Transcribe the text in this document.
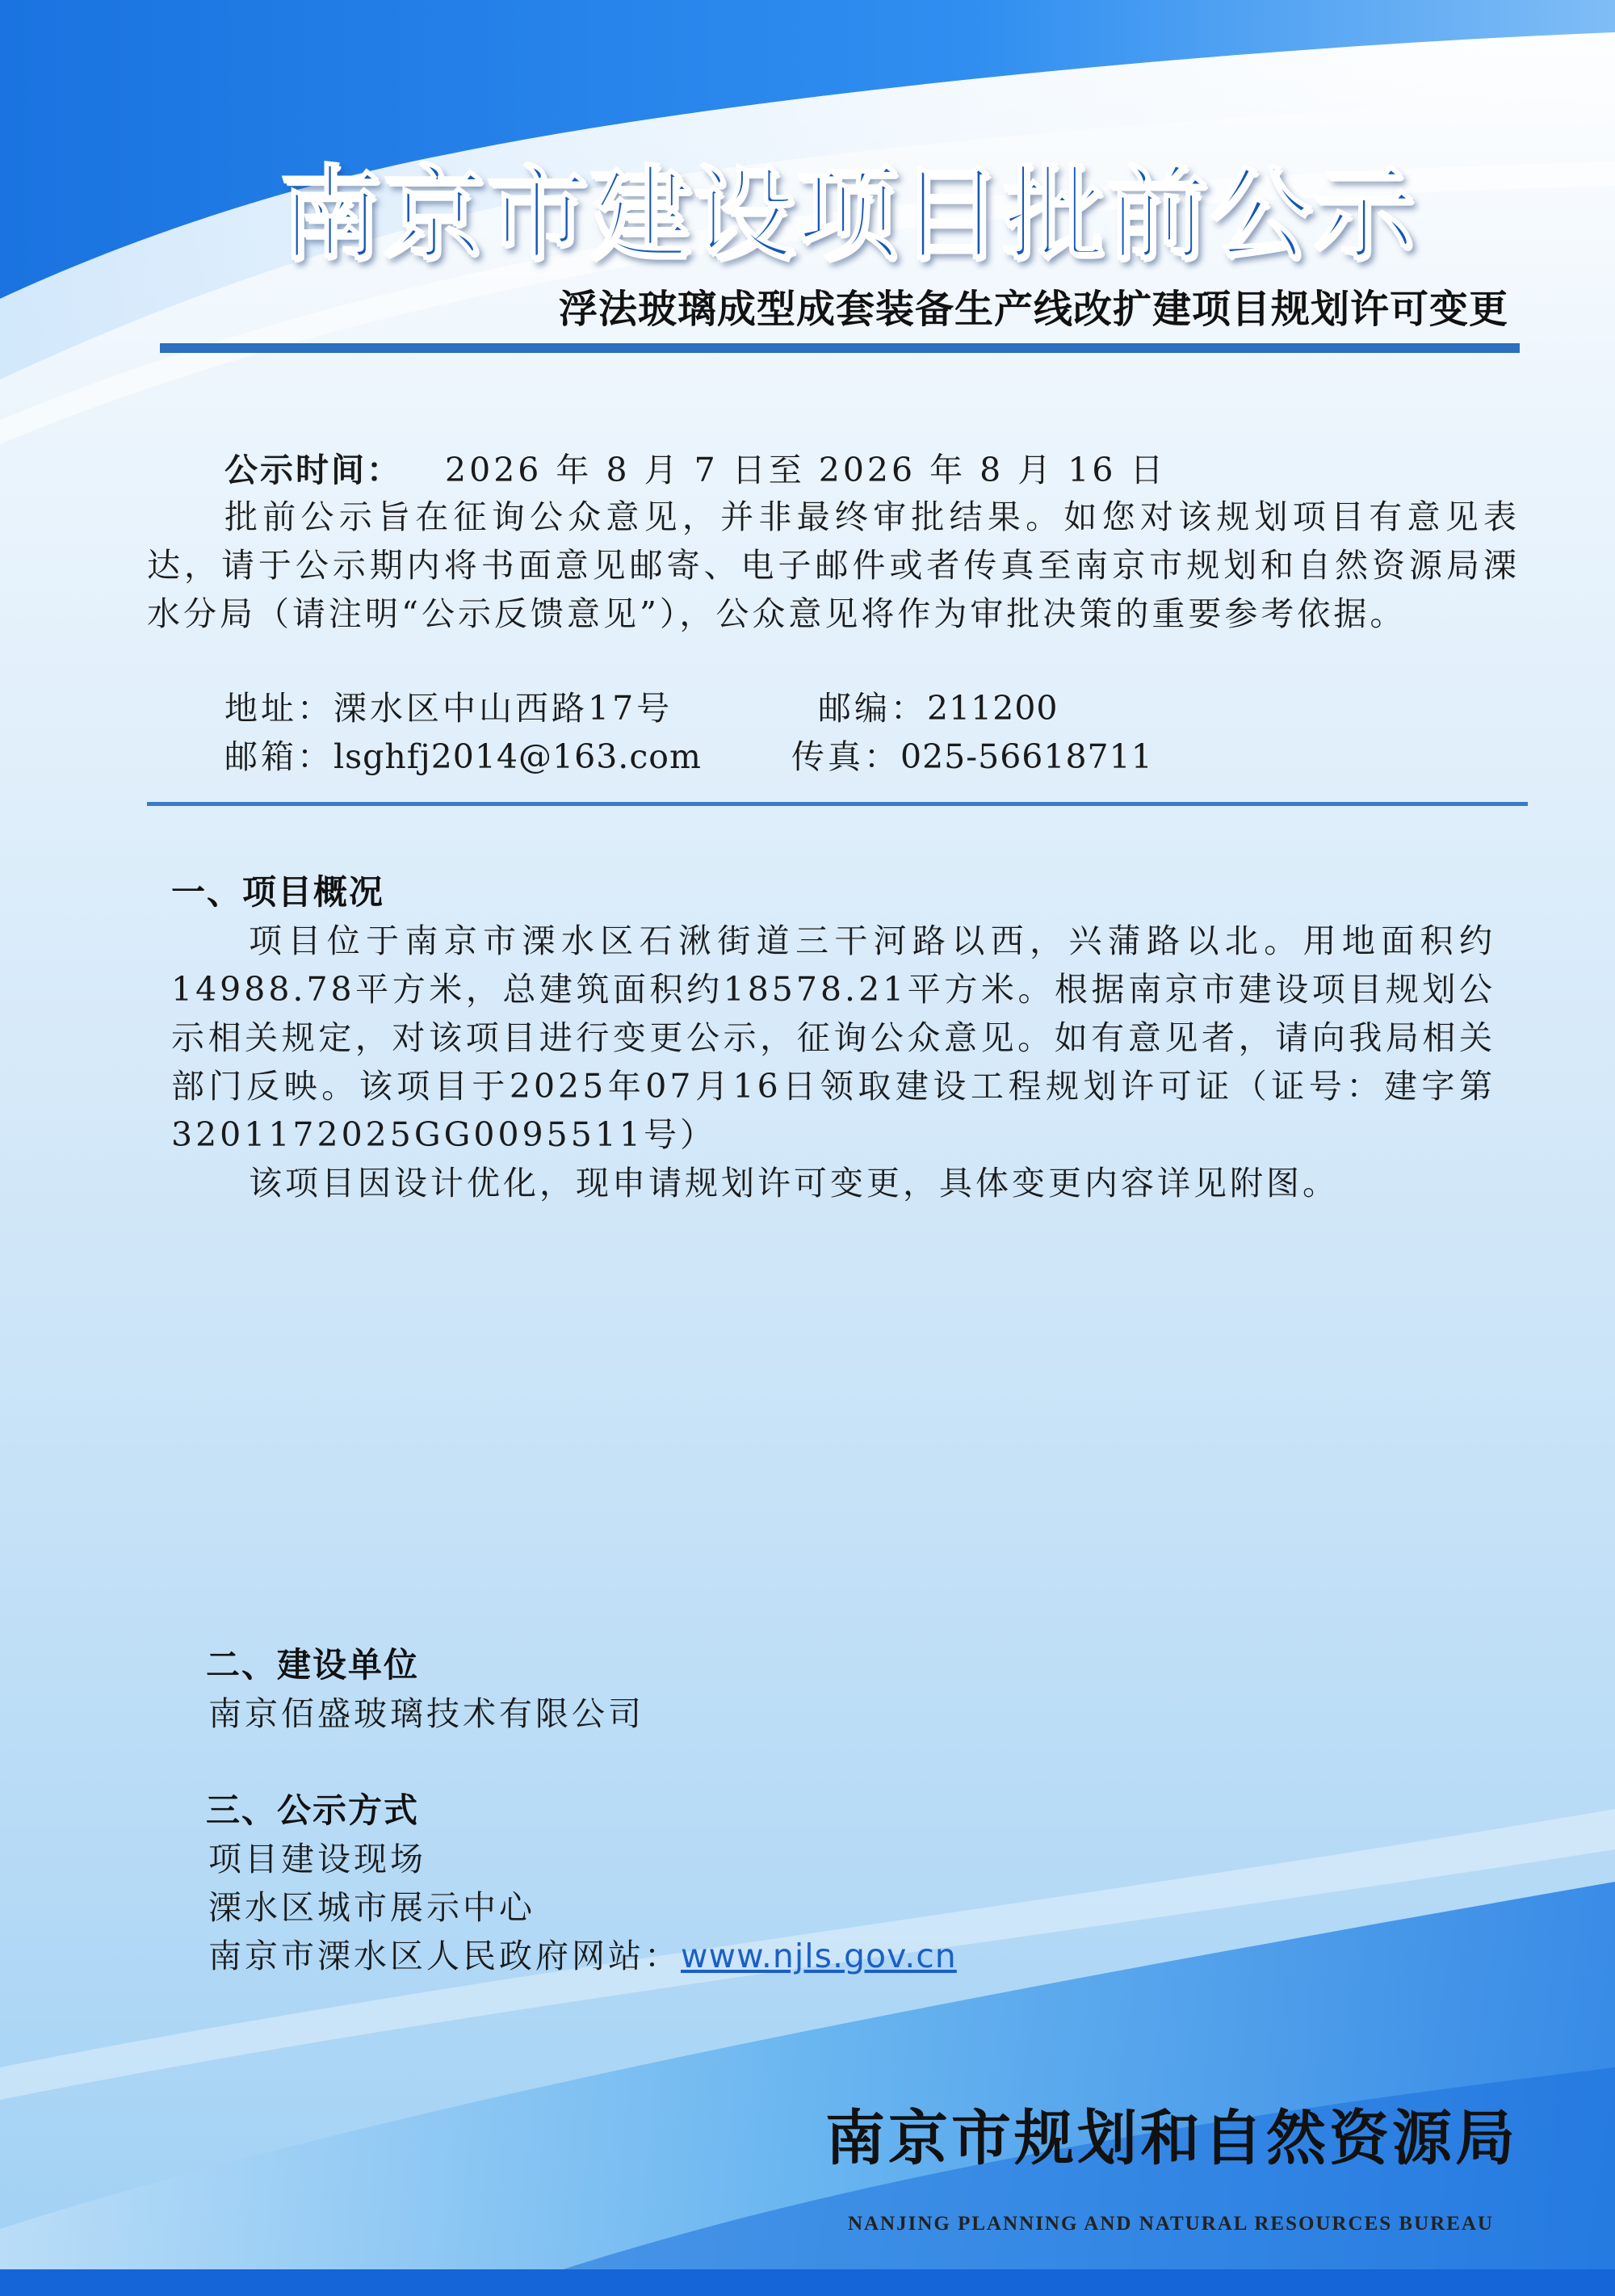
南京市建设项目批前公示
浮法玻璃成型成套装备生产线改扩建项目规划许可变更
公示时间： 2026 年 8 月 7 日至 2026 年 8 月 16 日
批前公示旨在征询公众意见，并非最终审批结果。如您对该规划项目有意见表达，请于公示期内将书面意见邮寄、电子邮件或者传真至南京市规划和自然资源局溧水分局（请注明“公示反馈意见”），公众意见将作为审批决策的重要参考依据。
地址：溧水区中山西路17号	邮编：211200
邮箱：lsghfj2014@163.com	传真：025-56618711
一、项目概况
项目位于南京市溧水区石湫街道三干河路以西，兴蒲路以北。用地面积约14988.78平方米，总建筑面积约18578.21平方米。根据南京市建设项目规划公示相关规定，对该项目进行变更公示，征询公众意见。如有意见者，请向我局相关部门反映。该项目于2025年07月16日领取建设工程规划许可证（证号：建字第3201172025GG0095511号）
该项目因设计优化，现申请规划许可变更，具体变更内容详见附图。
二、建设单位
南京佰盛玻璃技术有限公司
三、公示方式
项目建设现场
溧水区城市展示中心
南京市溧水区人民政府网站：www.njls.gov.cn
南京市规划和自然资源局
NANJING PLANNING AND NATURAL RESOURCES BUREAU
